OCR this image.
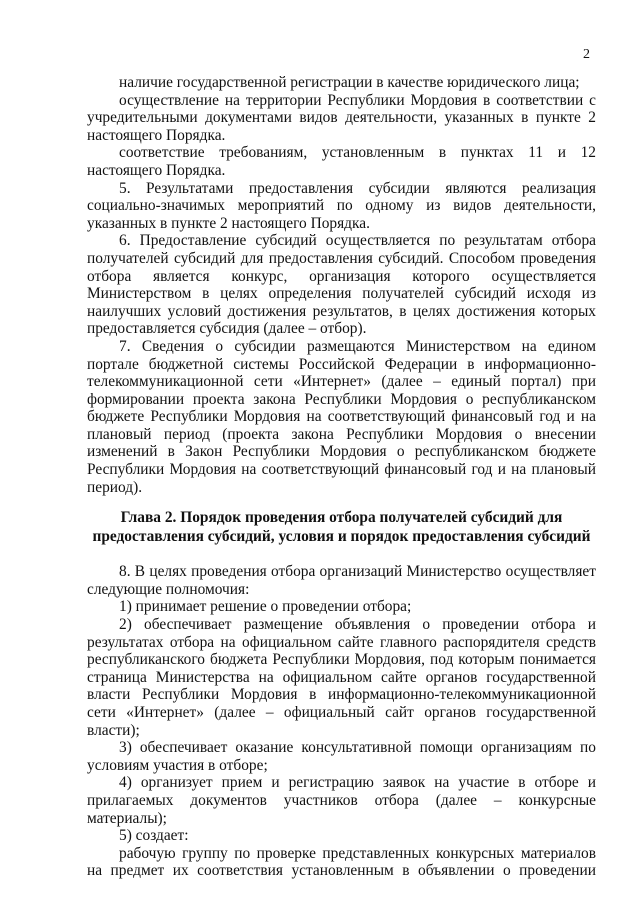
2

наличие государственной регистрации в качестве юридического лица;

осуществление на территории Республики Мордовия в соответствии с учредительными документами видов деятельности, указанных в пункте 2 настоящего Порядка.

соответствие требованиям, установленным в пунктах 11 и 12 настоящего Порядка.

5. Результатами предоставления субсидии являются реализация социально-значимых мероприятий по одному из видов деятельности, указанных в пункте 2 настоящего Порядка.

6. Предоставление субсидий осуществляется по результатам отбора получателей субсидий для предоставления субсидий. Способом проведения отбора является конкурс, организация которого осуществляется Министерством в целях определения получателей субсидий исходя из наилучших условий достижения результатов, в целях достижения которых предоставляется субсидия (далее – отбор).

7. Сведения о субсидии размещаются Министерством на едином портале бюджетной системы Российской Федерации в информационно-телекоммуникационной сети «Интернет» (далее – единый портал) при формировании проекта закона Республики Мордовия о республиканском бюджете Республики Мордовия на соответствующий финансовый год и на плановый период (проекта закона Республики Мордовия о внесении изменений в Закон Республики Мордовия о республиканском бюджете Республики Мордовия на соответствующий финансовый год и на плановый период).

Глава 2. Порядок проведения отбора получателей субсидий для предоставления субсидий, условия и порядок предоставления субсидий

8. В целях проведения отбора организаций Министерство осуществляет следующие полномочия:

1) принимает решение о проведении отбора;

2) обеспечивает размещение объявления о проведении отбора и результатах отбора на официальном сайте главного распорядителя средств республиканского бюджета Республики Мордовия, под которым понимается страница Министерства на официальном сайте органов государственной власти Республики Мордовия в информационно-телекоммуникационной сети «Интернет» (далее – официальный сайт органов государственной власти);

3) обеспечивает оказание консультативной помощи организациям по условиям участия в отборе;

4) организует прием и регистрацию заявок на участие в отборе и прилагаемых документов участников отбора (далее – конкурсные материалы);

5) создает:

рабочую группу по проверке представленных конкурсных материалов на предмет их соответствия установленным в объявлении о проведении
